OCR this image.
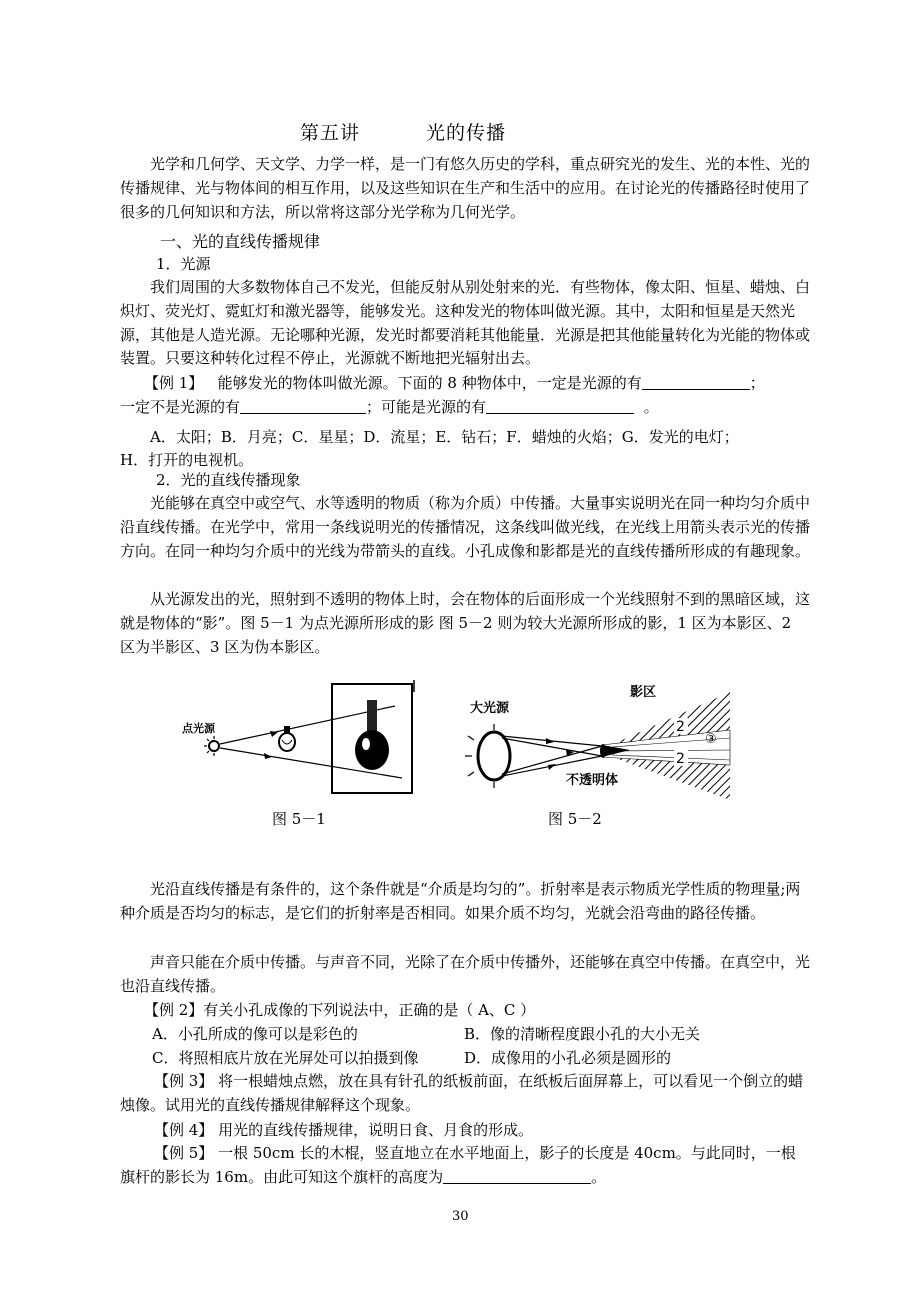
第五讲	光的传播

光学和几何学、天文学、力学一样，是一门有悠久历史的学科，重点研究光的发生、光的本性、光的传播规律、光与物体间的相互作用，以及这些知识在生产和生活中的应用。在讨论光的传播路径时使用了很多的几何知识和方法，所以常将这部分光学称为几何光学。

一、光的直线传播规律

1．光源

我们周围的大多数物体自己不发光，但能反射从别处射来的光．有些物体，像太阳、恒星、蜡烛、白炽灯、荧光灯、霓虹灯和激光器等，能够发光。这种发光的物体叫做光源。其中，太阳和恒星是天然光源，其他是人造光源。无论哪种光源，发光时都要消耗其他能量．光源是把其他能量转化为光能的物体或装置。只要这种转化过程不停止，光源就不断地把光辐射出去。

【例 1】 能够发光的物体叫做光源。下面的 8 种物体中，一定是光源的有	；

一定不是光源的有	；可能是光源的有	。

A．太阳；B．月亮；C．星星；D．流星；E．钻石；F．蜡烛的火焰；G．发光的电灯；

H．打开的电视机。

2．光的直线传播现象

光能够在真空中或空气、水等透明的物质（称为介质）中传播。大量事实说明光在同一种均匀介质中沿直线传播。在光学中，常用一条线说明光的传播情况，这条线叫做光线，在光线上用箭头表示光的传播方向。在同一种均匀介质中的光线为带箭头的直线。小孔成像和影都是光的直线传播所形成的有趣现象。

从光源发出的光，照射到不透明的物体上时，会在物体的后面形成一个光线照射不到的黑暗区域，这就是物体的“影”。图 5－1 为点光源所形成的影 图 5－2 则为较大光源所形成的影，1 区为本影区、2 区为半影区、3 区为伪本影区。

点光源
图 5－1
大光源
影区
不透明体
2
2
③
图 5－2

光沿直线传播是有条件的，这个条件就是“介质是均匀的”。折射率是表示物质光学性质的物理量;两种介质是否均匀的标志，是它们的折射率是否相同。如果介质不均匀，光就会沿弯曲的路径传播。

声音只能在介质中传播。与声音不同，光除了在介质中传播外，还能够在真空中传播。在真空中，光也沿直线传播。

【例 2】有关小孔成像的下列说法中，正确的是（ A、C ）

A．小孔所成的像可以是彩色的	B．像的清晰程度跟小孔的大小无关

C．将照相底片放在光屏处可以拍摄到像	D．成像用的小孔必须是圆形的

【例 3】 将一根蜡烛点燃，放在具有针孔的纸板前面，在纸板后面屏幕上，可以看见一个倒立的蜡烛像。试用光的直线传播规律解释这个现象。

【例 4】 用光的直线传播规律，说明日食、月食的形成。

【例 5】 一根 50cm 长的木棍，竖直地立在水平地面上，影子的长度是 40cm。与此同时，一根旗杆的影长为 16m。由此可知这个旗杆的高度为	。

30
